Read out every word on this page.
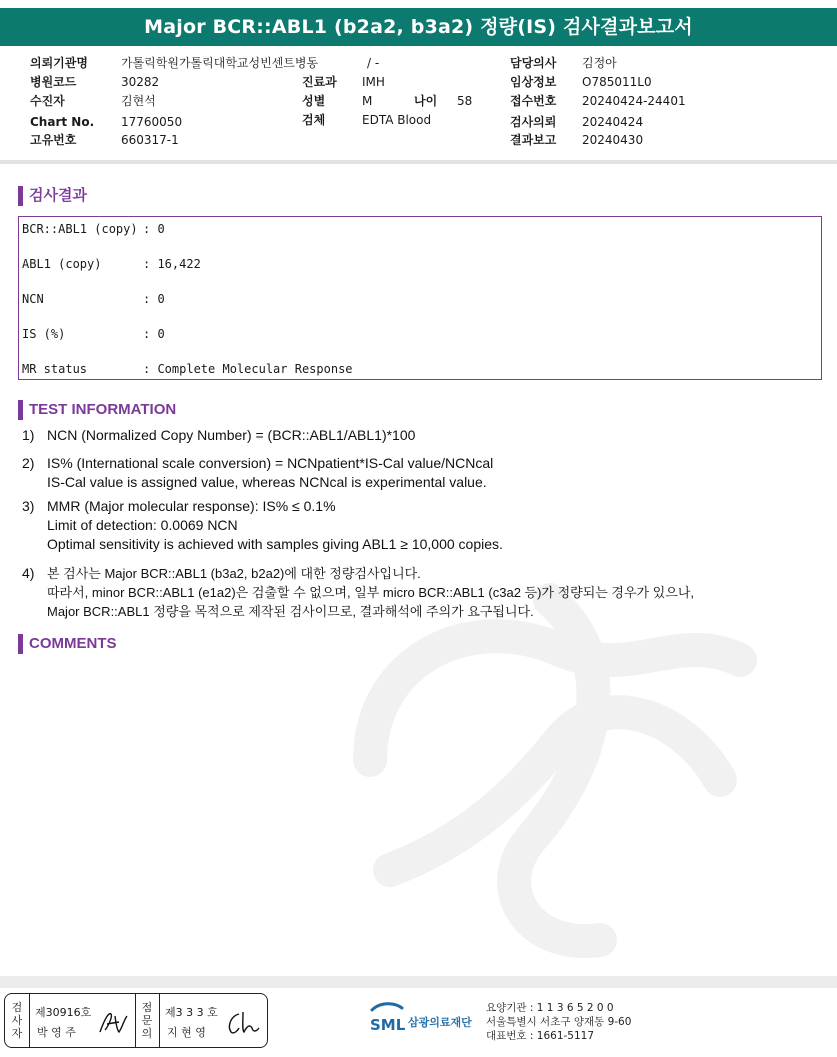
Major BCR::ABL1 (b2a2, b3a2) 정량(IS) 검사결과보고서
의뢰기관명	가톨릭학원가톨릭대학교성빈센트병동	/ -	담당의사 김정아
병원코드	30282	진료과 IMH	임상정보 O785011L0
수진자	김현석	성별	M	나이 58	접수번호 20240424-24401
Chart No. 17760050	검체	EDTA Blood	검사의뢰 20240424
고유번호	660317-1	결과보고 20240430
검사결과
BCR::ABL1 (copy) : 0
ABL1 (copy)	: 16,422
NCN	: 0
IS (%)	: 0
MR status	: Complete Molecular Response
TEST INFORMATION
1) NCN (Normalized Copy Number) = (BCR::ABL1/ABL1)*100
2) IS% (International scale conversion) = NCNpatient*IS-Cal value/NCNcal
IS-Cal value is assigned value, whereas NCNcal is experimental value.
3) MMR (Major molecular response): IS% ≤ 0.1%
Limit of detection: 0.0069 NCN
Optimal sensitivity is achieved with samples giving ABL1 ≥ 10,000 copies.
4) 본 검사는 Major BCR::ABL1 (b3a2, b2a2)에 대한 정량검사입니다.
따라서, minor BCR::ABL1 (e1a2)은 검출할 수 없으며, 일부 micro BCR::ABL1 (c3a2 등)가 정량되는 경우가 있으나,
Major BCR::ABL1 정량을 목적으로 제작된 검사이므로, 결과해석에 주의가 요구됩니다.
COMMENTS
검
사
자
제30916호
박 영 주
점
문
의
제3 3 3 호
지 현 영	SML 삼광의료재단
요양기관 : 1 1 3 6 5 2 0 0
서울특별시 서초구 양재동 9-60
대표번호 : 1661-5117
